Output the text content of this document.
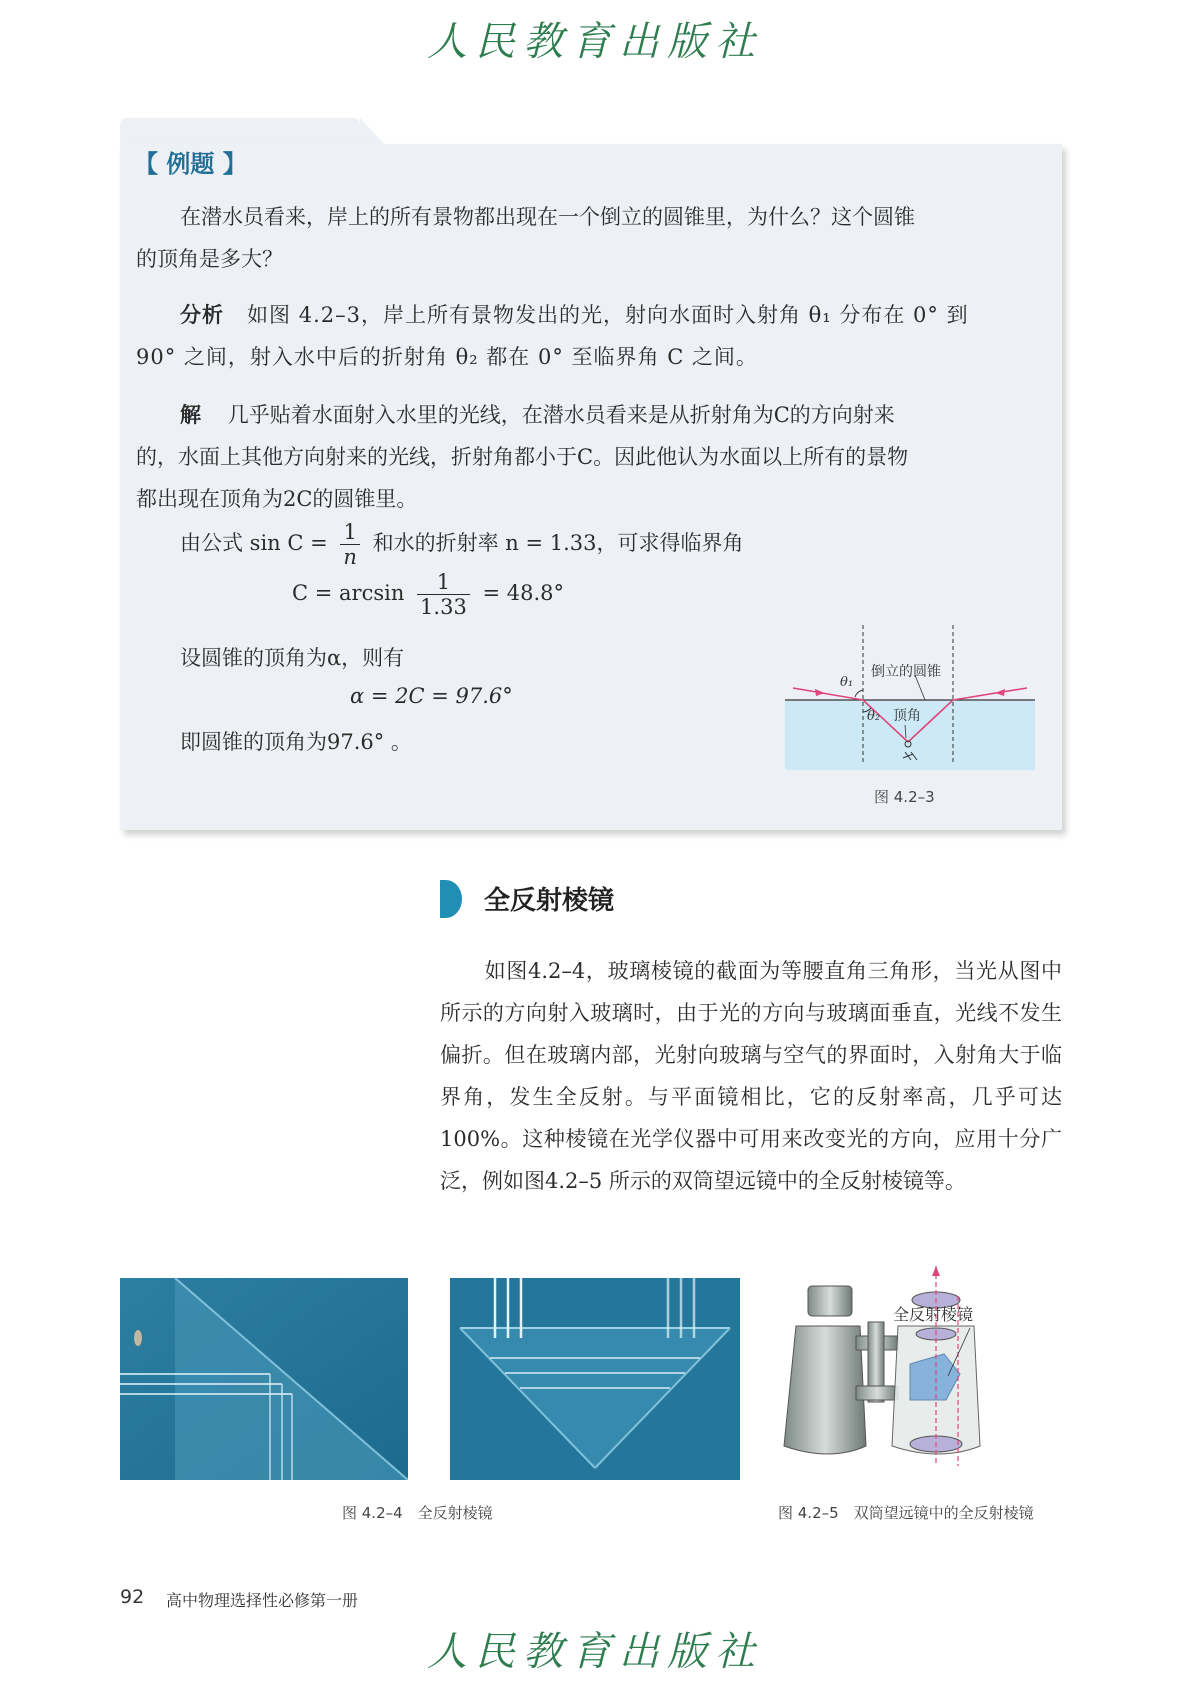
人民教育出版社
【 例题 】
在潜水员看来，岸上的所有景物都出现在一个倒立的圆锥里，为什么？这个圆锥
的顶角是多大？
分析 如图 4.2–3，岸上所有景物发出的光，射向水面时入射角 θ₁ 分布在 0° 到
90° 之间，射入水中后的折射角 θ₂ 都在 0° 至临界角 C 之间。
解 几乎贴着水面射入水里的光线，在潜水员看来是从折射角为C的方向射来
的，水面上其他方向射来的光线，折射角都小于C。因此他认为水面以上所有的景物
都出现在顶角为2C的圆锥里。
由公式 $\sin C = \frac{1}{n}$ 和水的折射率 n = 1.33，可求得临界角
$C = \arcsin \frac{1}{1.33} = 48.8^\circ$
设圆锥的顶角为α，则有
α = 2C = 97.6°
即圆锥的顶角为97.6° 。
θ₁
θ₂
倒立的圆锥
顶角
图 4.2–3
全反射棱镜
如图4.2–4，玻璃棱镜的截面为等腰直角三角形，当光从图中所示的方向射入玻璃时，由于光的方向与玻璃面垂直，光线不发生偏折。但在玻璃内部，光射向玻璃与空气的界面时，入射角大于临界角，发生全反射。与平面镜相比，它的反射率高，几乎可达100%。这种棱镜在光学仪器中可用来改变光的方向，应用十分广泛，例如图4.2–5 所示的双筒望远镜中的全反射棱镜等。
图 4.2–4　全反射棱镜
全反射棱镜
图 4.2–5　双筒望远镜中的全反射棱镜
92 高中物理选择性必修第一册
人民教育出版社
